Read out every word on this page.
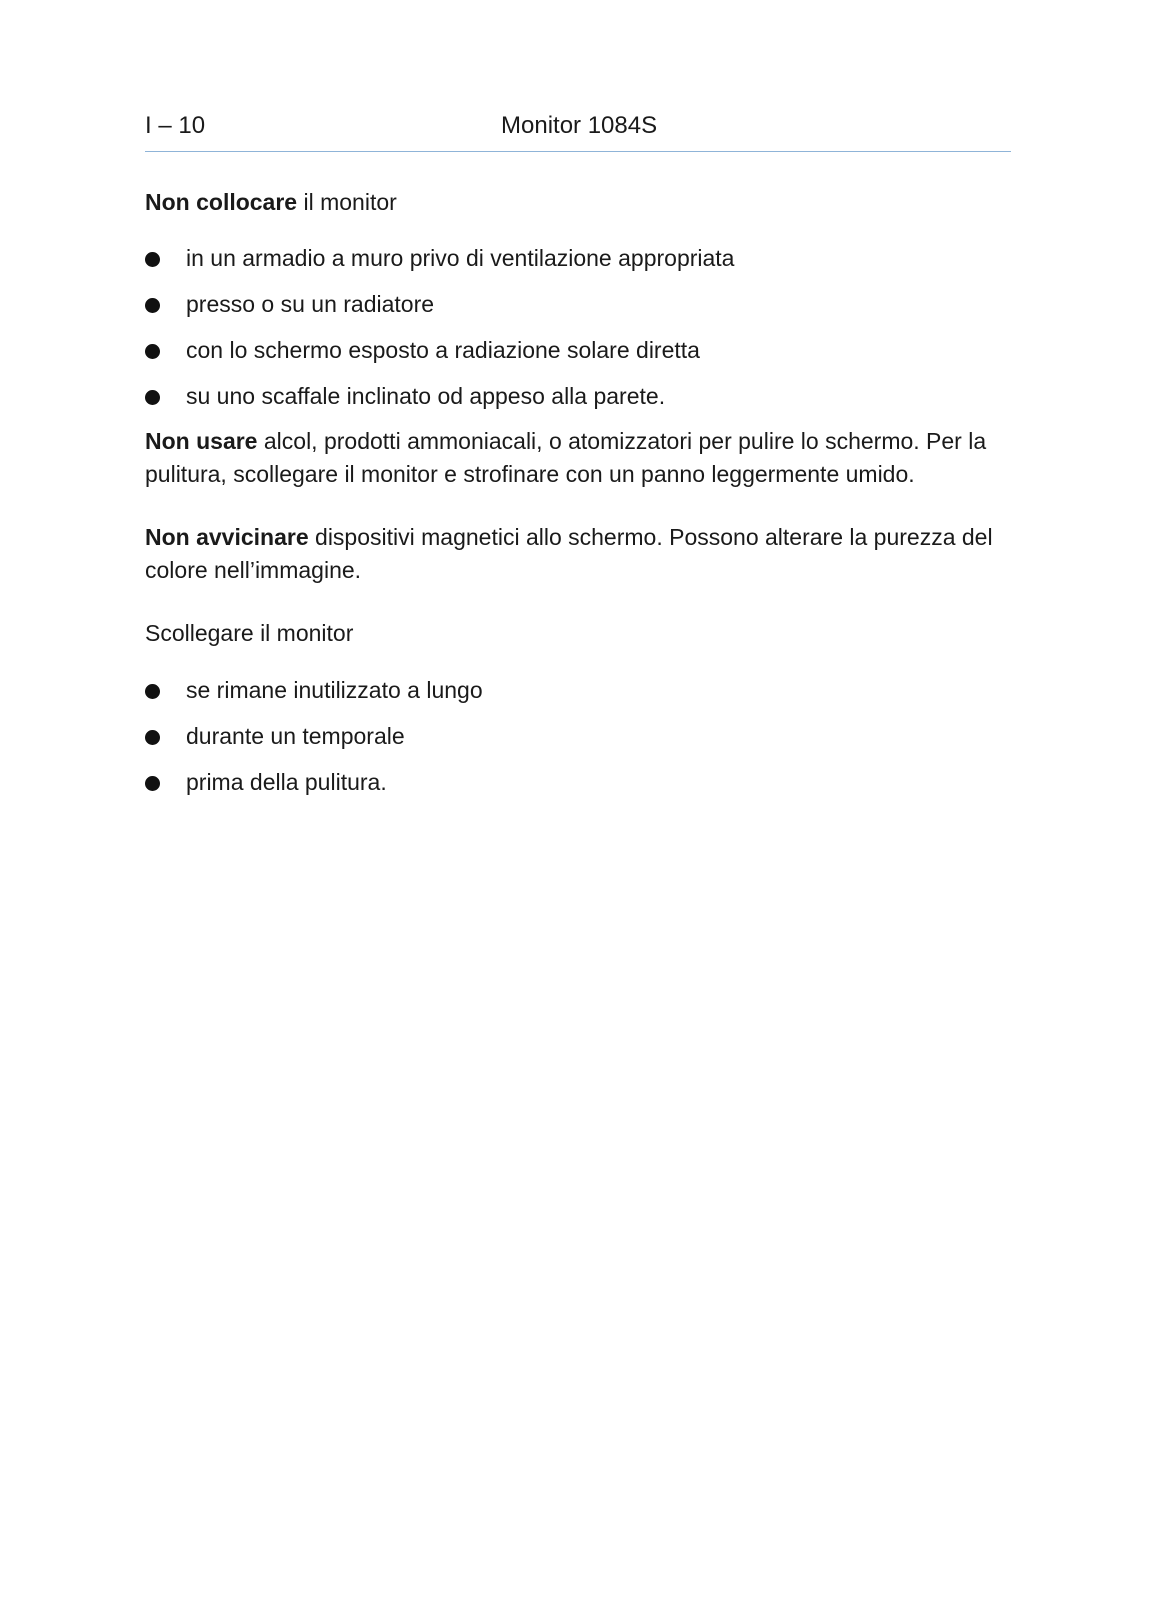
I – 10	Monitor 1084S

Non collocare il monitor

in un armadio a muro privo di ventilazione appropriata
presso o su un radiatore
con lo schermo esposto a radiazione solare diretta
su uno scaffale inclinato od appeso alla parete.

Non usare alcol, prodotti ammoniacali, o atomizzatori per pulire lo schermo. Per la pulitura, scollegare il monitor e strofinare con un panno leggermente umido.

Non avvicinare dispositivi magnetici allo schermo. Possono alterare la purezza del colore nell’immagine.

Scollegare il monitor

se rimane inutilizzato a lungo
durante un temporale
prima della pulitura.
